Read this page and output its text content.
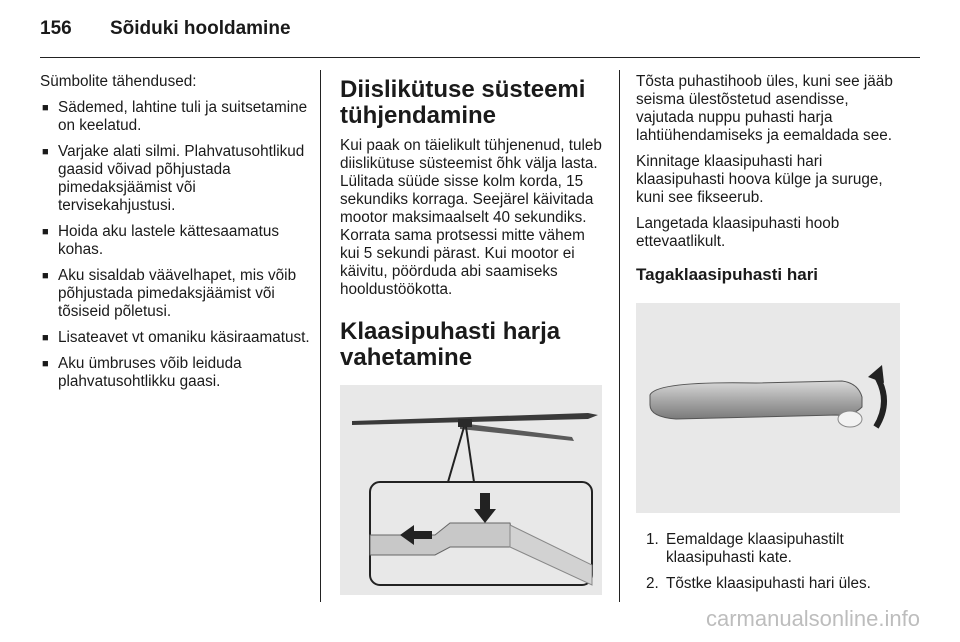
156 Sõiduki hooldamine

Sümbolite tähendused:

■ Sädemed, lahtine tuli ja suitsetamine on keelatud.
■ Varjake alati silmi. Plahvatusohtlikud gaasid võivad põhjustada pimedaksjäämist või tervisekahjustusi.
■ Hoida aku lastele kättesaamatus kohas.
■ Aku sisaldab väävelhapet, mis võib põhjustada pimedaksjäämist või tõsiseid põletusi.
■ Lisateavet vt omaniku käsiraamatust.
■ Aku ümbruses võib leiduda plahvatusohtlikku gaasi.
Diislikütuse süsteemi tühjendamine

Kui paak on täielikult tühjenenud, tuleb diislikütuse süsteemist õhk välja lasta. Lülitada süüde sisse kolm korda, 15 sekundiks korraga. Seejärel käivitada mootor maksimaalselt 40 sekundiks. Korrata sama protsessi mitte vähem kui 5 sekundi pärast. Kui mootor ei käivitu, pöörduda abi saamiseks hooldustöökotta.

Klaasipuhasti harja vahetamine

Tõsta puhastihoob üles, kuni see jääb seisma ülestõstetud asendisse, vajutada nuppu puhasti harja lahtiühendamiseks ja eemaldada see.

Kinnitage klaasipuhasti hari klaasipuhasti hoova külge ja suruge, kuni see fikseerub.

Langetada klaasipuhasti hoob ettevaatlikult.

Tagaklaasipuhasti hari
1. Eemaldage klaasipuhastilt klaasipuhasti kate.
2. Tõstke klaasipuhasti hari üles.
carmanualsonline.info
